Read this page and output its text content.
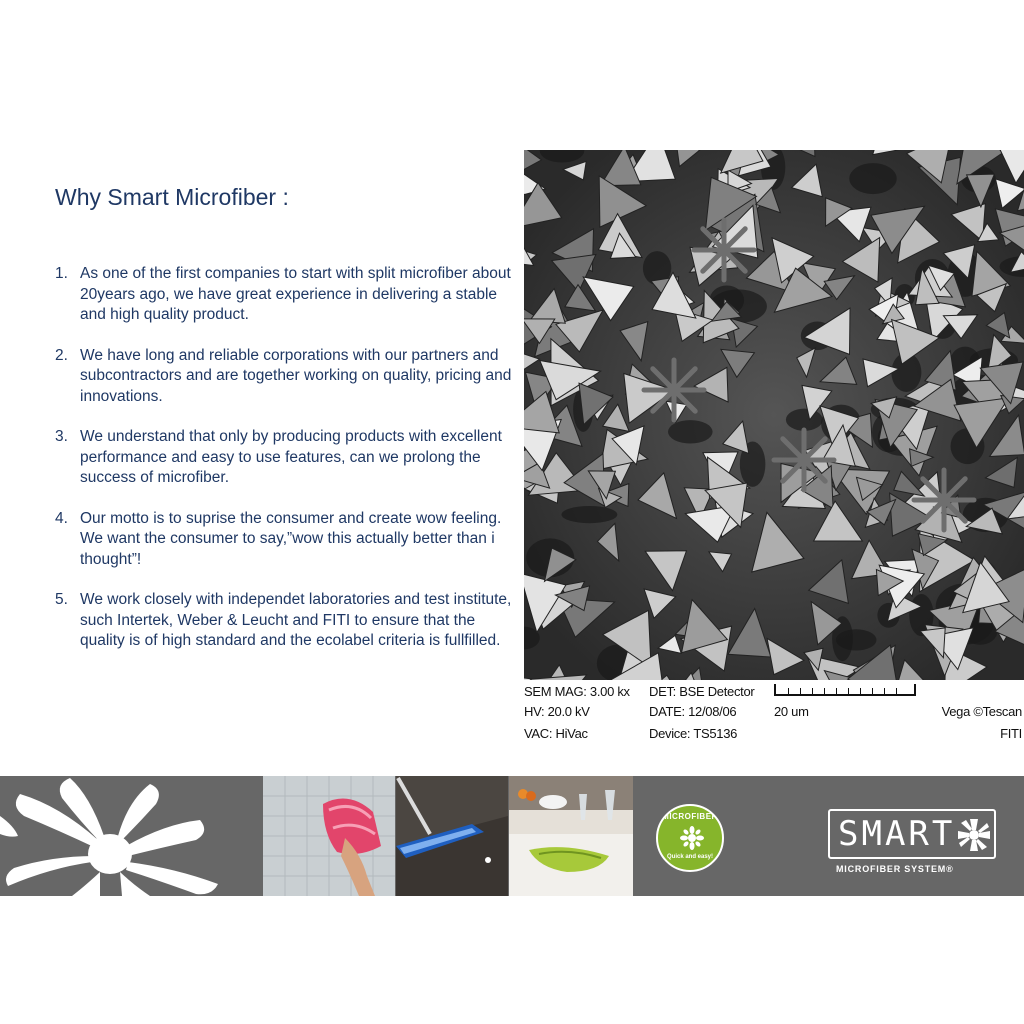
Why Smart Microfiber :
1. As one of the first companies to start with split microfiber about 20years ago, we have great experience in delivering a stable and high quality product.
2. We have long and reliable corporations with our partners and subcontractors and are together working on quality, pricing and innovations.
3. We understand that only by producing products with excellent performance and easy to use features, can we prolong the success of microfiber.
4. Our motto is to suprise the consumer and create wow feeling. We want the consumer to say,”wow this actually better than i thought”!
5. We work closely with independet laboratories and test institute, such Intertek, Weber & Leucht and FITI to ensure that the quality is of high standard and the ecolabel criteria is fullfilled.
SEM MAG: 3.00 kx
HV: 20.0 kV
VAC: HiVac
DET: BSE Detector
DATE: 12/08/06
Device: TS5136
20 um	Vega ©Tescan
FITI
MICROFIBER
Quick and easy!
SMART
MICROFIBER SYSTEM®
